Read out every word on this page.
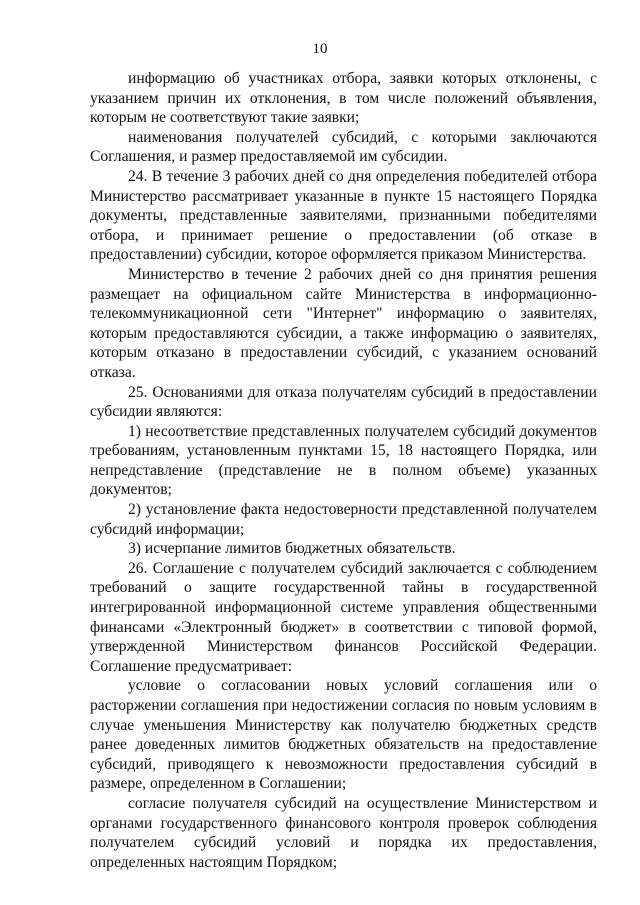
10

информацию об участниках отбора, заявки которых отклонены, с указанием причин их отклонения, в том числе положений объявления, которым не соответствуют такие заявки;

наименования получателей субсидий, с которыми заключаются Соглашения, и размер предоставляемой им субсидии.

24. В течение 3 рабочих дней со дня определения победителей отбора Министерство рассматривает указанные в пункте 15 настоящего Порядка документы, представленные заявителями, признанными победителями отбора, и принимает решение о предоставлении (об отказе в предоставлении) субсидии, которое оформляется приказом Министерства.

Министерство в течение 2 рабочих дней со дня принятия решения размещает на официальном сайте Министерства в информационно-телекоммуникационной сети "Интернет" информацию о заявителях, которым предоставляются субсидии, а также информацию о заявителях, которым отказано в предоставлении субсидий, с указанием оснований отказа.

25. Основаниями для отказа получателям субсидий в предоставлении субсидии являются:

1) несоответствие представленных получателем субсидий документов требованиям, установленным пунктами 15, 18 настоящего Порядка, или непредставление (представление не в полном объеме) указанных документов;

2) установление факта недостоверности представленной получателем субсидий информации;

3) исчерпание лимитов бюджетных обязательств.

26. Соглашение с получателем субсидий заключается с соблюдением требований о защите государственной тайны в государственной интегрированной информационной системе управления общественными финансами «Электронный бюджет» в соответствии с типовой формой, утвержденной Министерством финансов Российской Федерации. Соглашение предусматривает:

условие о согласовании новых условий соглашения или о расторжении соглашения при недостижении согласия по новым условиям в случае уменьшения Министерству как получателю бюджетных средств ранее доведенных лимитов бюджетных обязательств на предоставление субсидий, приводящего к невозможности предоставления субсидий в размере, определенном в Соглашении;

согласие получателя субсидий на осуществление Министерством и органами государственного финансового контроля проверок соблюдения получателем субсидий условий и порядка их предоставления, определенных настоящим Порядком;
